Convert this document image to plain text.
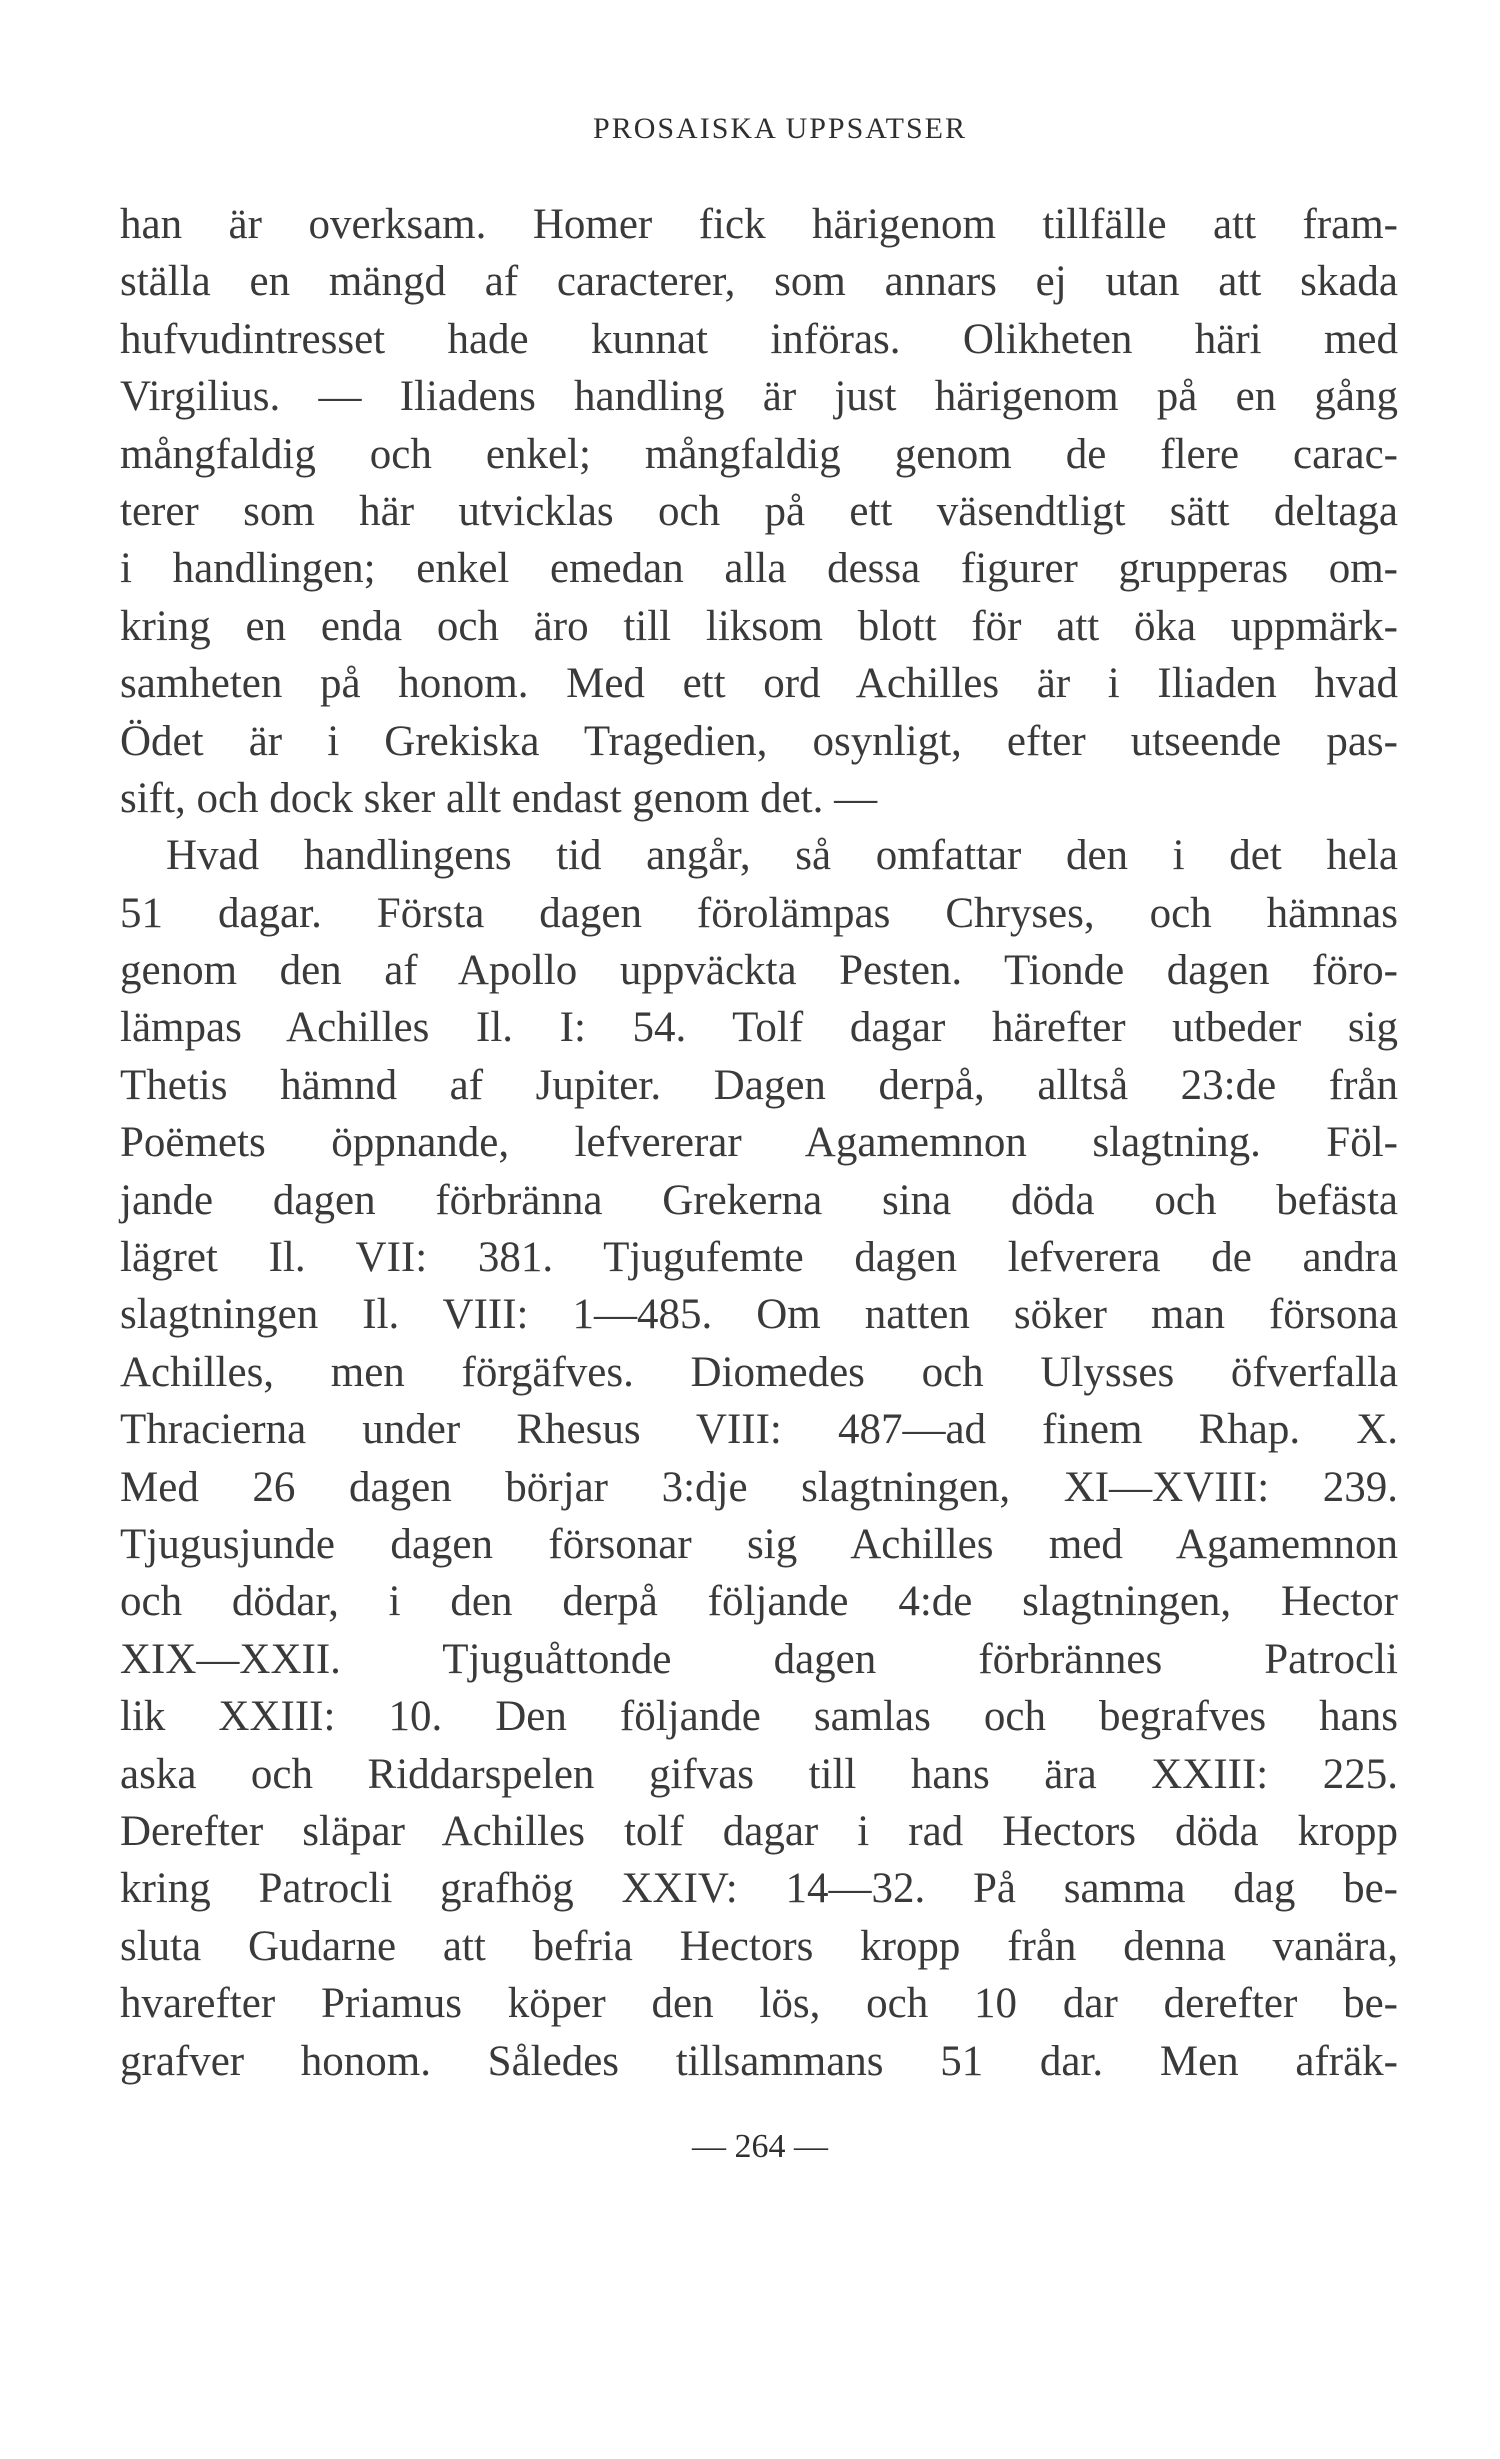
PROSAISKA UPPSATSER
han är overksam. Homer fick härigenom tillfälle att fram-
ställa en mängd af caracterer, som annars ej utan att skada
hufvudintresset hade kunnat införas. Olikheten häri med
Virgilius. — Iliadens handling är just härigenom på en gång
mångfaldig och enkel; mångfaldig genom de flere carac-
terer som här utvicklas och på ett väsendtligt sätt deltaga
i handlingen; enkel emedan alla dessa figurer grupperas om-
kring en enda och äro till liksom blott för att öka uppmärk-
samheten på honom. Med ett ord Achilles är i Iliaden hvad
Ödet är i Grekiska Tragedien, osynligt, efter utseende pas-
sift, och dock sker allt endast genom det. —
Hvad handlingens tid angår, så omfattar den i det hela
51 dagar. Första dagen förolämpas Chryses, och hämnas
genom den af Apollo uppväckta Pesten. Tionde dagen föro-
lämpas Achilles Il. I: 54. Tolf dagar härefter utbeder sig
Thetis hämnd af Jupiter. Dagen derpå, alltså 23:de från
Poëmets öppnande, lefvererar Agamemnon slagtning. Föl-
jande dagen förbränna Grekerna sina döda och befästa
lägret Il. VII: 381. Tjugufemte dagen lefverera de andra
slagtningen Il. VIII: 1—485. Om natten söker man försona
Achilles, men förgäfves. Diomedes och Ulysses öfverfalla
Thracierna under Rhesus VIII: 487—ad finem Rhap. X.
Med 26 dagen börjar 3:dje slagtningen, XI—XVIII: 239.
Tjugusjunde dagen försonar sig Achilles med Agamemnon
och dödar, i den derpå följande 4:de slagtningen, Hector
XIX—XXII. Tjuguåttonde dagen förbrännes Patrocli
lik XXIII: 10. Den följande samlas och begrafves hans
aska och Riddarspelen gifvas till hans ära XXIII: 225.
Derefter släpar Achilles tolf dagar i rad Hectors döda kropp
kring Patrocli grafhög XXIV: 14—32. På samma dag be-
sluta Gudarne att befria Hectors kropp från denna vanära,
hvarefter Priamus köper den lös, och 10 dar derefter be-
grafver honom. Således tillsammans 51 dar. Men afräk-
— 264 —
